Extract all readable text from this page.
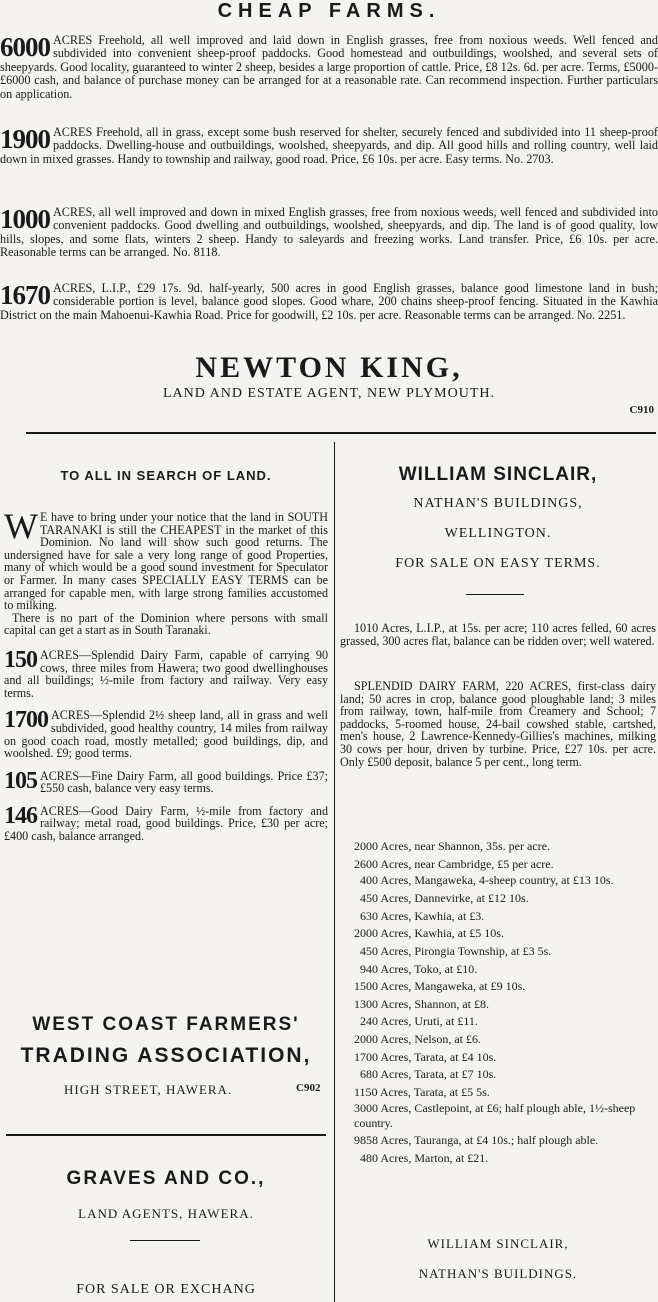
CHEAP FARMS.
6000 ACRES Freehold, all well improved and laid down in English grasses, free from noxious weeds. Well fenced and subdivided into convenient sheep-proof paddocks. Good homestead and outbuildings, woolshed, and several sets of sheepyards. Good locality, guaranteed to winter 2 sheep, besides a large proportion of cattle. Price, £8 12s. 6d. per acre. Terms, £5000-£6000 cash, and balance of purchase money can be arranged for at a reasonable rate. Can recommend inspection. Further particulars on application.
1900 ACRES Freehold, all in grass, except some bush reserved for shelter, securely fenced and subdivided into 11 sheep-proof paddocks. Dwelling-house and outbuildings, woolshed, sheepyards, and dip. All good hills and rolling country, well laid down in mixed grasses. Handy to township and railway, good road. Price, £6 10s. per acre. Easy terms. No. 2703.
1000 ACRES, all well improved and down in mixed English grasses, free from noxious weeds, well fenced and subdivided into convenient paddocks. Good dwelling and outbuildings, woolshed, sheepyards, and dip. The land is of good quality, low hills, slopes, and some flats, winters 2 sheep. Handy to saleyards and freezing works. Land transfer. Price, £6 10s. per acre. Reasonable terms can be arranged. No. 8118.
1670 ACRES, L.I.P., £29 17s. 9d. half-yearly, 500 acres in good English grasses, balance good limestone land in bush; considerable portion is level, balance good slopes. Good whare, 200 chains sheep-proof fencing. Situated in the Kawhia District on the main Mahoenui-Kawhia Road. Price for goodwill, £2 10s. per acre. Reasonable terms can be arranged. No. 2251.
NEWTON KING,
LAND AND ESTATE AGENT, NEW PLYMOUTH.
C910
TO ALL IN SEARCH OF LAND.
W E have to bring under your notice that the land in SOUTH TARANAKI is still the CHEAPEST in the market of this Dominion. No land will show such good returns. The undersigned have for sale a very long range of good Properties, many of which would be a good sound investment for Speculator or Farmer. In many cases SPECIALLY EASY TERMS can be arranged for capable men, with large strong families accustomed to milking.
There is no part of the Dominion where persons with small capital can get a start as in South Taranaki.
150 ACRES—Splendid Dairy Farm, capable of carrying 90 cows, three miles from Hawera; two good dwellinghouses and all buildings; ½-mile from factory and railway. Very easy terms.
1700 ACRES—Splendid 2½ sheep land, all in grass and well subdivided, good healthy country, 14 miles from railway on good coach road, mostly metalled; good buildings, dip, and woolshed. £9; good terms.
105 ACRES—Fine Dairy Farm, all good buildings. Price £37; £550 cash, balance very easy terms.
146 ACRES—Good Dairy Farm, ½-mile from factory and railway; metal road, good buildings. Price, £30 per acre; £400 cash, balance arranged.
WEST COAST FARMERS'
TRADING ASSOCIATION,
HIGH STREET, HAWERA.	C902
GRAVES AND CO.,
LAND AGENTS, HAWERA.
FOR SALE OR EXCHANG
WILLIAM SINCLAIR,
NATHAN'S BUILDINGS,
WELLINGTON.
FOR SALE ON EASY TERMS.
1010 Acres, L.I.P., at 15s. per acre; 110 acres felled, 60 acres grassed, 300 acres flat, balance can be ridden over; well watered.
SPLENDID DAIRY FARM, 220 ACRES, first-class dairy land; 50 acres in crop, balance good ploughable land; 3 miles from railway, town, half-mile from Creamery and School; 7 paddocks, 5-roomed house, 24-bail cowshed stable, cartshed, men's house, 2 Lawrence-Kennedy-Gillies's machines, milking 30 cows per hour, driven by turbine. Price, £27 10s. per acre. Only £500 deposit, balance 5 per cent., long term.
2000 Acres, near Shannon, 35s. per acre.
2600 Acres, near Cambridge, £5 per acre.
400 Acres, Mangaweka, 4-sheep country, at £13 10s.
450 Acres, Dannevirke, at £12 10s.
630 Acres, Kawhia, at £3.
2000 Acres, Kawhia, at £5 10s.
450 Acres, Pirongia Township, at £3 5s.
940 Acres, Toko, at £10.
1500 Acres, Mangaweka, at £9 10s.
1300 Acres, Shannon, at £8.
240 Acres, Uruti, at £11.
2000 Acres, Nelson, at £6.
1700 Acres, Tarata, at £4 10s.
680 Acres, Tarata, at £7 10s.
1150 Acres, Tarata, at £5 5s.
3000 Acres, Castlepoint, at £6; half plough able, 1½-sheep country.
9858 Acres, Tauranga, at £4 10s.; half plough able.
480 Acres, Marton, at £21.
WILLIAM SINCLAIR,
NATHAN'S BUILDINGS.
